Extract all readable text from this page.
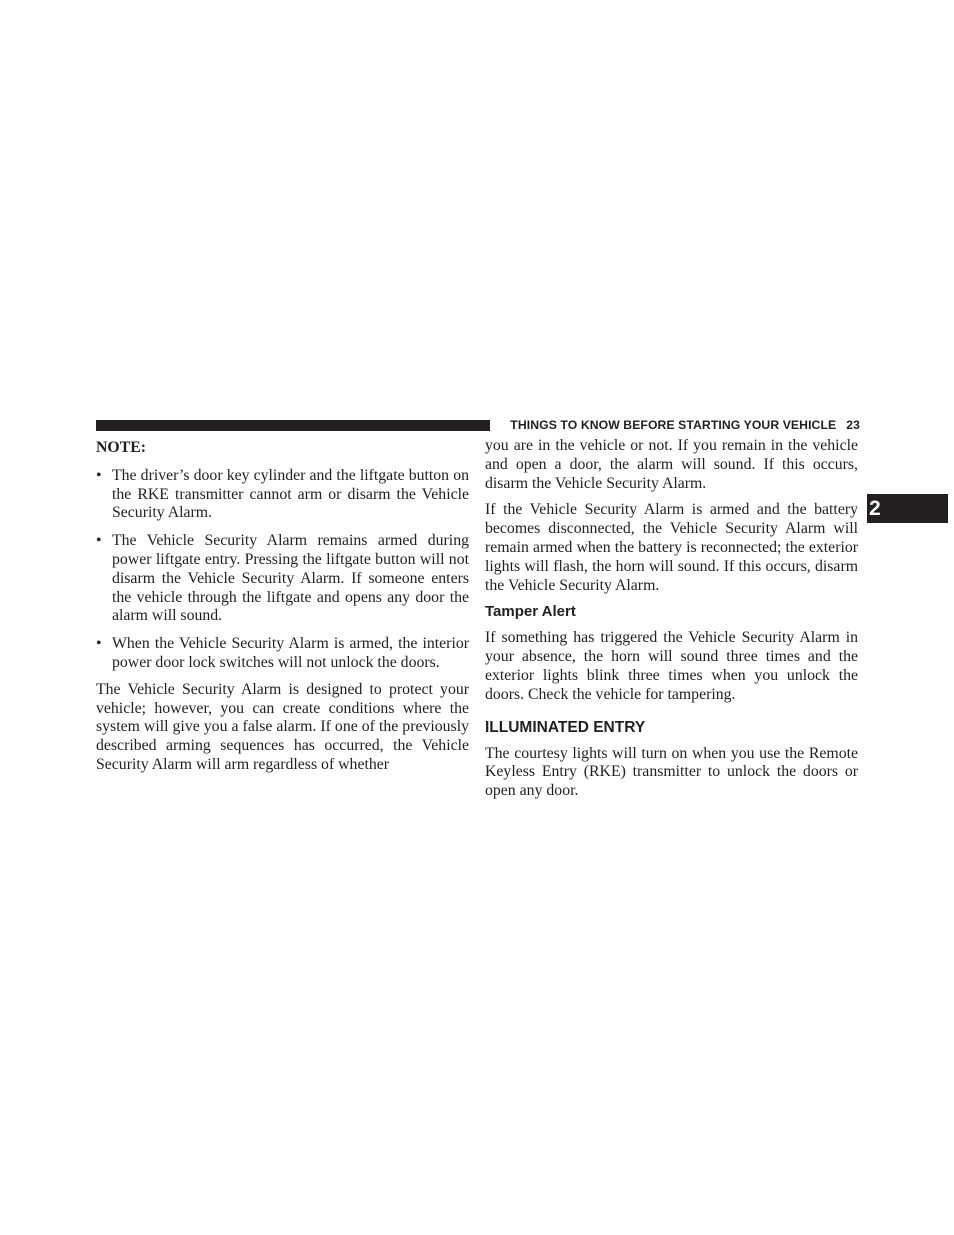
THINGS TO KNOW BEFORE STARTING YOUR VEHICLE 23
2

NOTE:

• The driver’s door key cylinder and the liftgate button on the RKE transmitter cannot arm or disarm the Vehicle Security Alarm.

• The Vehicle Security Alarm remains armed during power liftgate entry. Pressing the liftgate button will not disarm the Vehicle Security Alarm. If someone enters the vehicle through the liftgate and opens any door the alarm will sound.

• When the Vehicle Security Alarm is armed, the interior power door lock switches will not unlock the doors.

The Vehicle Security Alarm is designed to protect your vehicle; however, you can create conditions where the system will give you a false alarm. If one of the previously described arming sequences has occurred, the Vehicle Security Alarm will arm regardless of whether

you are in the vehicle or not. If you remain in the vehicle and open a door, the alarm will sound. If this occurs, disarm the Vehicle Security Alarm.

If the Vehicle Security Alarm is armed and the battery becomes disconnected, the Vehicle Security Alarm will remain armed when the battery is reconnected; the exterior lights will flash, the horn will sound. If this occurs, disarm the Vehicle Security Alarm.

Tamper Alert

If something has triggered the Vehicle Security Alarm in your absence, the horn will sound three times and the exterior lights blink three times when you unlock the doors. Check the vehicle for tampering.

ILLUMINATED ENTRY

The courtesy lights will turn on when you use the Remote Keyless Entry (RKE) transmitter to unlock the doors or open any door.
